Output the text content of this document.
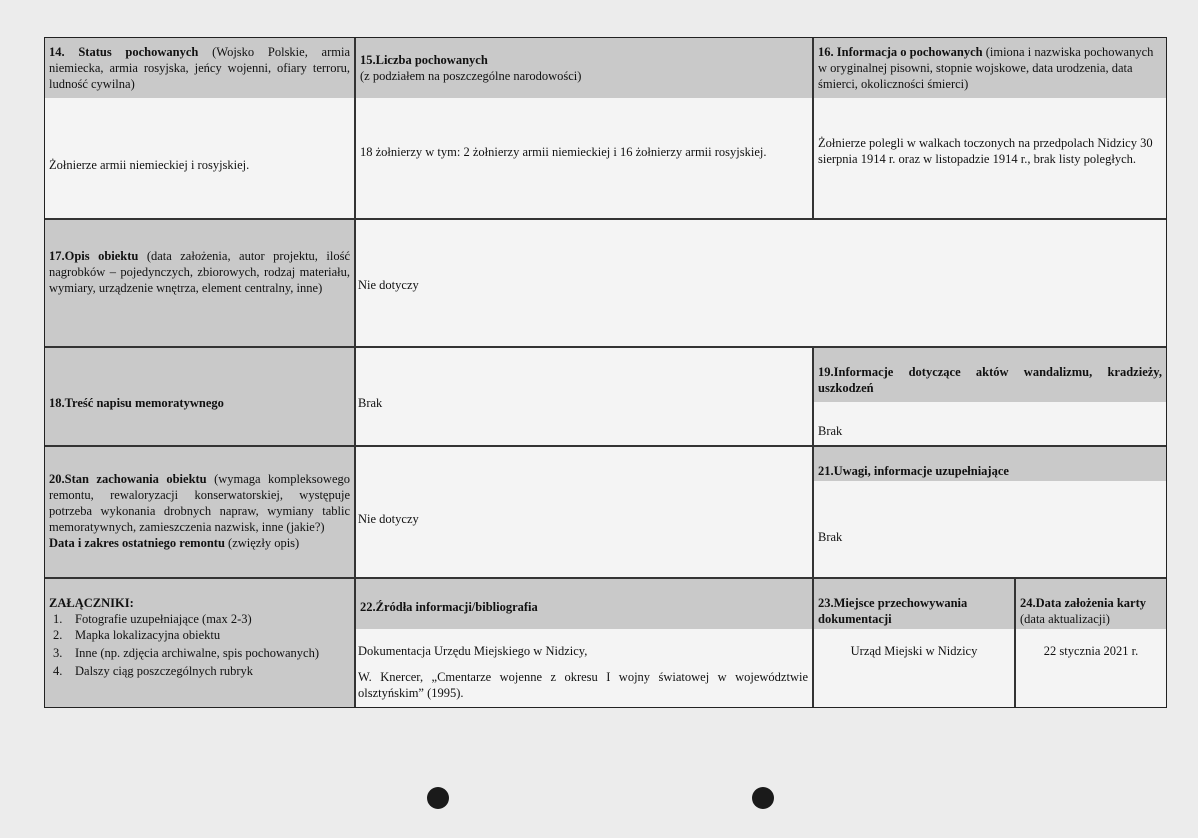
14. Status pochowanych (Wojsko Polskie, armia niemiecka, armia rosyjska, jeńcy wojenni, ofiary terroru, ludność cywilna)
15.Liczba pochowanych
(z podziałem na poszczególne narodowości)
16. Informacja o pochowanych (imiona i nazwiska pochowanych w oryginalnej pisowni, stopnie wojskowe, data urodzenia, data śmierci, okoliczności śmierci)
Żołnierze armii niemieckiej i rosyjskiej.
18 żołnierzy w tym: 2 żołnierzy armii niemieckiej i 16 żołnierzy armii rosyjskiej.
Żołnierze polegli w walkach toczonych na przedpolach Nidzicy 30 sierpnia 1914 r. oraz w listopadzie 1914 r., brak listy poległych.
17.Opis obiektu (data założenia, autor projektu, ilość nagrobków – pojedynczych, zbiorowych, rodzaj materiału, wymiary, urządzenie wnętrza, element centralny, inne)	Nie dotyczy
18.Treść napisu memoratywnego	Brak
19.Informacje dotyczące aktów wandalizmu, kradzieży, uszkodzeń
Brak
20.Stan zachowania obiektu (wymaga kompleksowego remontu, rewaloryzacji konserwatorskiej, występuje potrzeba wykonania drobnych napraw, wymiany tablic memoratywnych, zamieszczenia nazwisk, inne (jakie?)
Data i zakres ostatniego remontu (zwięzły opis)
Nie dotyczy
21.Uwagi, informacje uzupełniające
Brak
ZAŁĄCZNIKI:
1. Fotografie uzupełniające (max 2-3)
2. Mapka lokalizacyjna obiektu
3. Inne (np. zdjęcia archiwalne, spis pochowanych)
4. Dalszy ciąg poszczególnych rubryk
22.Źródła informacji/bibliografia
Dokumentacja Urzędu Miejskiego w Nidzicy,
W. Knercer, „Cmentarze wojenne z okresu I wojny światowej w województwie olsztyńskim” (1995).
23.Miejsce przechowywania dokumentacji
Urząd Miejski w Nidzicy
24.Data założenia karty
(data aktualizacji)
22 stycznia 2021 r.
